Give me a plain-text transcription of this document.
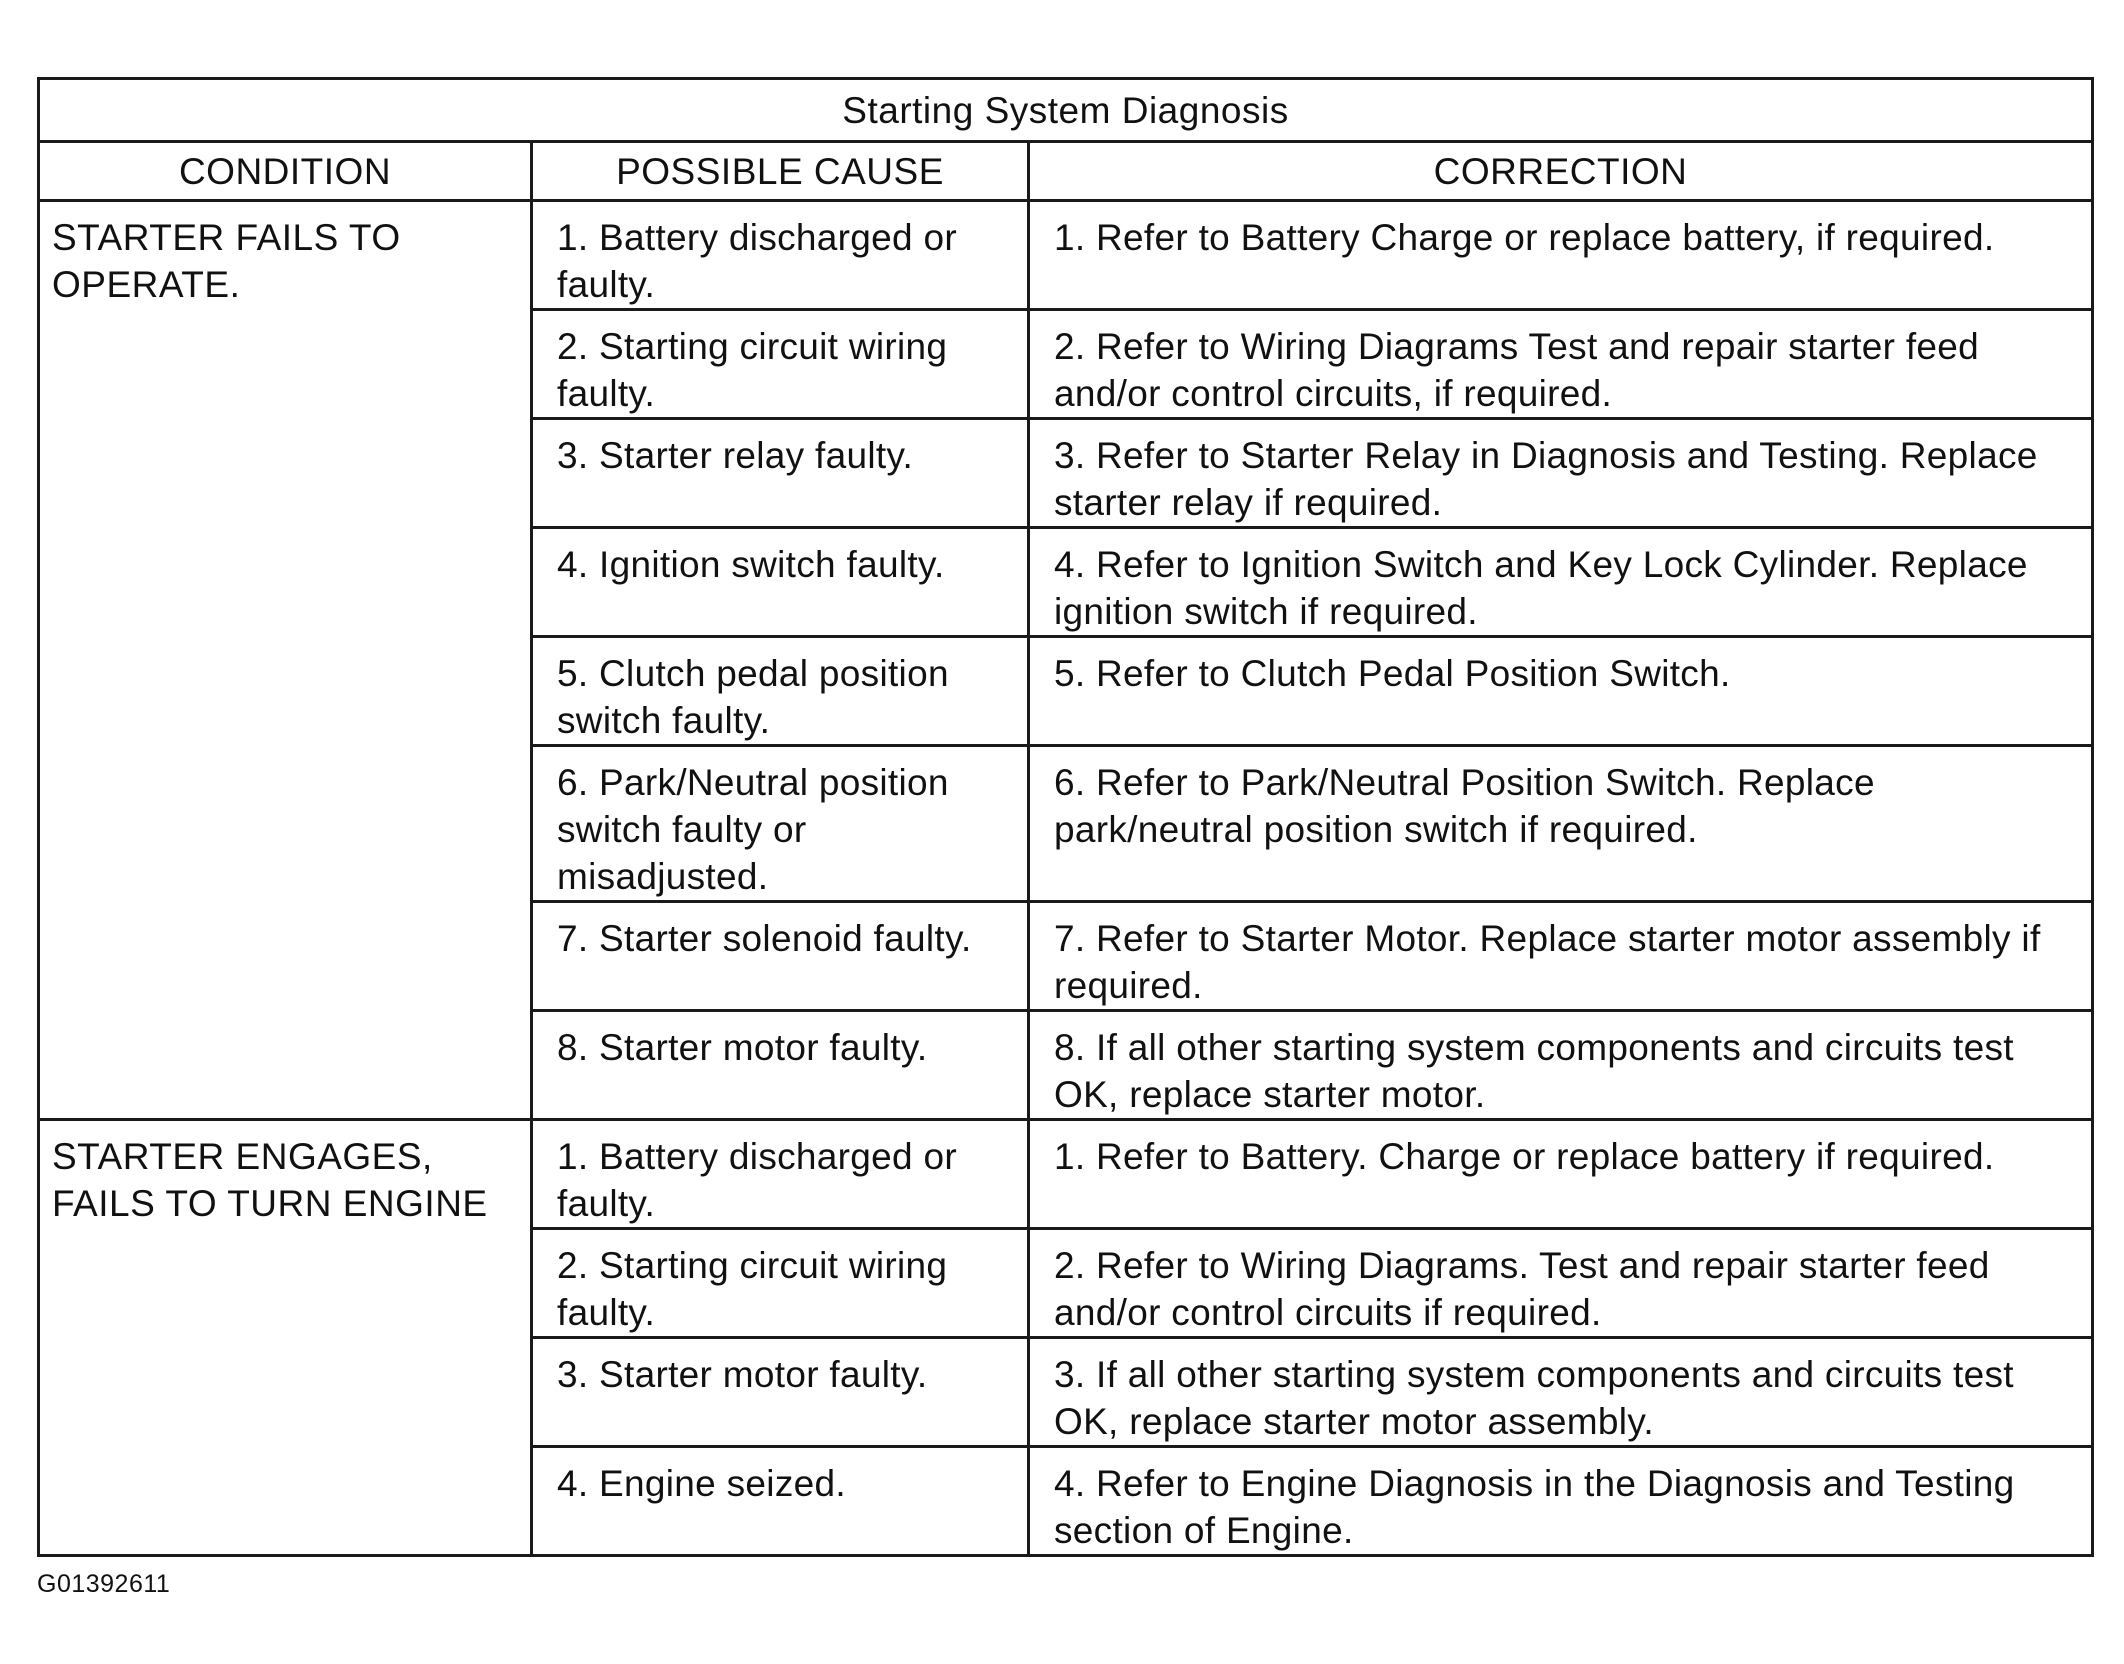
Starting System Diagnosis		
CONDITION	POSSIBLE CAUSE	CORRECTION
STARTER FAILS TO OPERATE.	1. Battery discharged or faulty.	1. Refer to Battery Charge or replace battery, if required.
	2. Starting circuit wiring faulty.	2. Refer to Wiring Diagrams Test and repair starter feed and/or control circuits, if required.
	3. Starter relay faulty.	3. Refer to Starter Relay in Diagnosis and Testing. Replace starter relay if required.
	4. Ignition switch faulty.	4. Refer to Ignition Switch and Key Lock Cylinder. Replace ignition switch if required.
	5. Clutch pedal position switch faulty.	5. Refer to Clutch Pedal Position Switch.
	6. Park/Neutral position switch faulty or misadjusted.	6. Refer to Park/Neutral Position Switch. Replace park/neutral position switch if required.
	7. Starter solenoid faulty.	7. Refer to Starter Motor. Replace starter motor assembly if required.
	8. Starter motor faulty.	8. If all other starting system components and circuits test OK, replace starter motor.
STARTER ENGAGES, FAILS TO TURN ENGINE	1. Battery discharged or faulty.	1. Refer to Battery. Charge or replace battery if required.
	2. Starting circuit wiring faulty.	2. Refer to Wiring Diagrams. Test and repair starter feed and/or control circuits if required.
	3. Starter motor faulty.	3. If all other starting system components and circuits test OK, replace starter motor assembly.
	4. Engine seized.	4. Refer to Engine Diagnosis in the Diagnosis and Testing section of Engine.
G01392611
